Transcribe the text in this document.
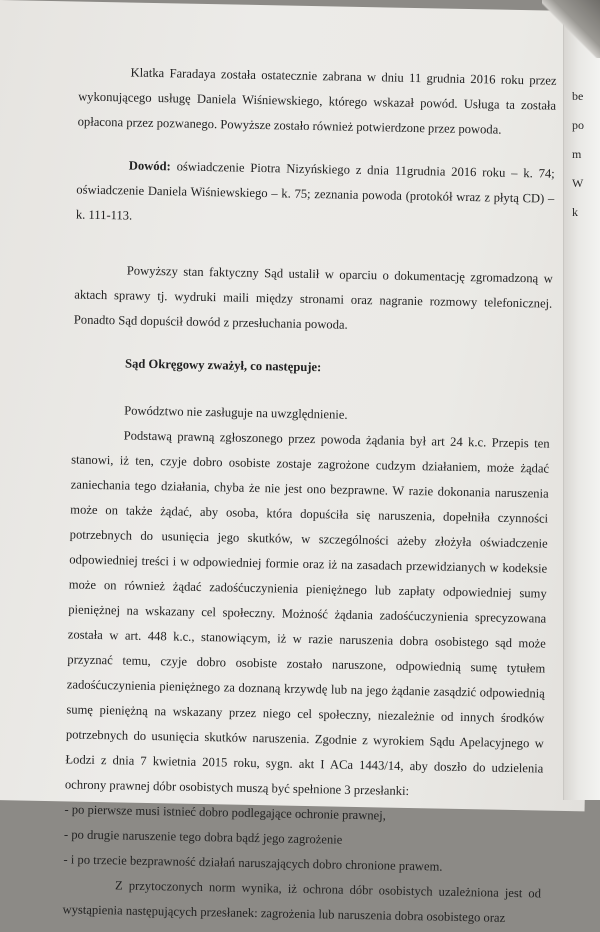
Klatka Faradaya została ostatecznie zabrana w dniu 11 grudnia 2016 roku przez wykonującego usługę Daniela Wiśniewskiego, którego wskazał powód. Usługa ta została opłacona przez pozwanego. Powyższe zostało również potwierdzone przez powoda.

Dowód: oświadczenie Piotra Nizyńskiego z dnia 11grudnia 2016 roku – k. 74; oświadczenie Daniela Wiśniewskiego – k. 75; zeznania powoda (protokół wraz z płytą CD) – k. 111-113.

Powyższy stan faktyczny Sąd ustalił w oparciu o dokumentację zgromadzoną w aktach sprawy tj. wydruki maili między stronami oraz nagranie rozmowy telefonicznej. Ponadto Sąd dopuścił dowód z przesłuchania powoda.

Sąd Okręgowy zważył, co następuje:

Powództwo nie zasługuje na uwzględnienie.

Podstawą prawną zgłoszonego przez powoda żądania był art 24 k.c. Przepis ten stanowi, iż ten, czyje dobro osobiste zostaje zagrożone cudzym działaniem, może żądać zaniechania tego działania, chyba że nie jest ono bezprawne. W razie dokonania naruszenia może on także żądać, aby osoba, która dopuściła się naruszenia, dopełniła czynności potrzebnych do usunięcia jego skutków, w szczególności ażeby złożyła oświadczenie odpowiedniej treści i w odpowiedniej formie oraz iż na zasadach przewidzianych w kodeksie może on również żądać zadośćuczynienia pieniężnego lub zapłaty odpowiedniej sumy pieniężnej na wskazany cel społeczny. Możność żądania zadośćuczynienia sprecyzowana została w art. 448 k.c., stanowiącym, iż w razie naruszenia dobra osobistego sąd może przyznać temu, czyje dobro osobiste zostało naruszone, odpowiednią sumę tytułem zadośćuczynienia pieniężnego za doznaną krzywdę lub na jego żądanie zasądzić odpowiednią sumę pieniężną na wskazany przez niego cel społeczny, niezależnie od innych środków potrzebnych do usunięcia skutków naruszenia. Zgodnie z wyrokiem Sądu Apelacyjnego w Łodzi z dnia 7 kwietnia 2015 roku, sygn. akt I ACa 1443/14, aby doszło do udzielenia ochrony prawnej dóbr osobistych muszą być spełnione 3 przesłanki:

- po pierwsze musi istnieć dobro podlegające ochronie prawnej,

- po drugie naruszenie tego dobra bądź jego zagrożenie

- i po trzecie bezprawność działań naruszających dobro chronione prawem.

Z przytoczonych norm wynika, iż ochrona dóbr osobistych uzależniona jest od wystąpienia następujących przesłanek: zagrożenia lub naruszenia dobra osobistego oraz

be
po
m
W
k
